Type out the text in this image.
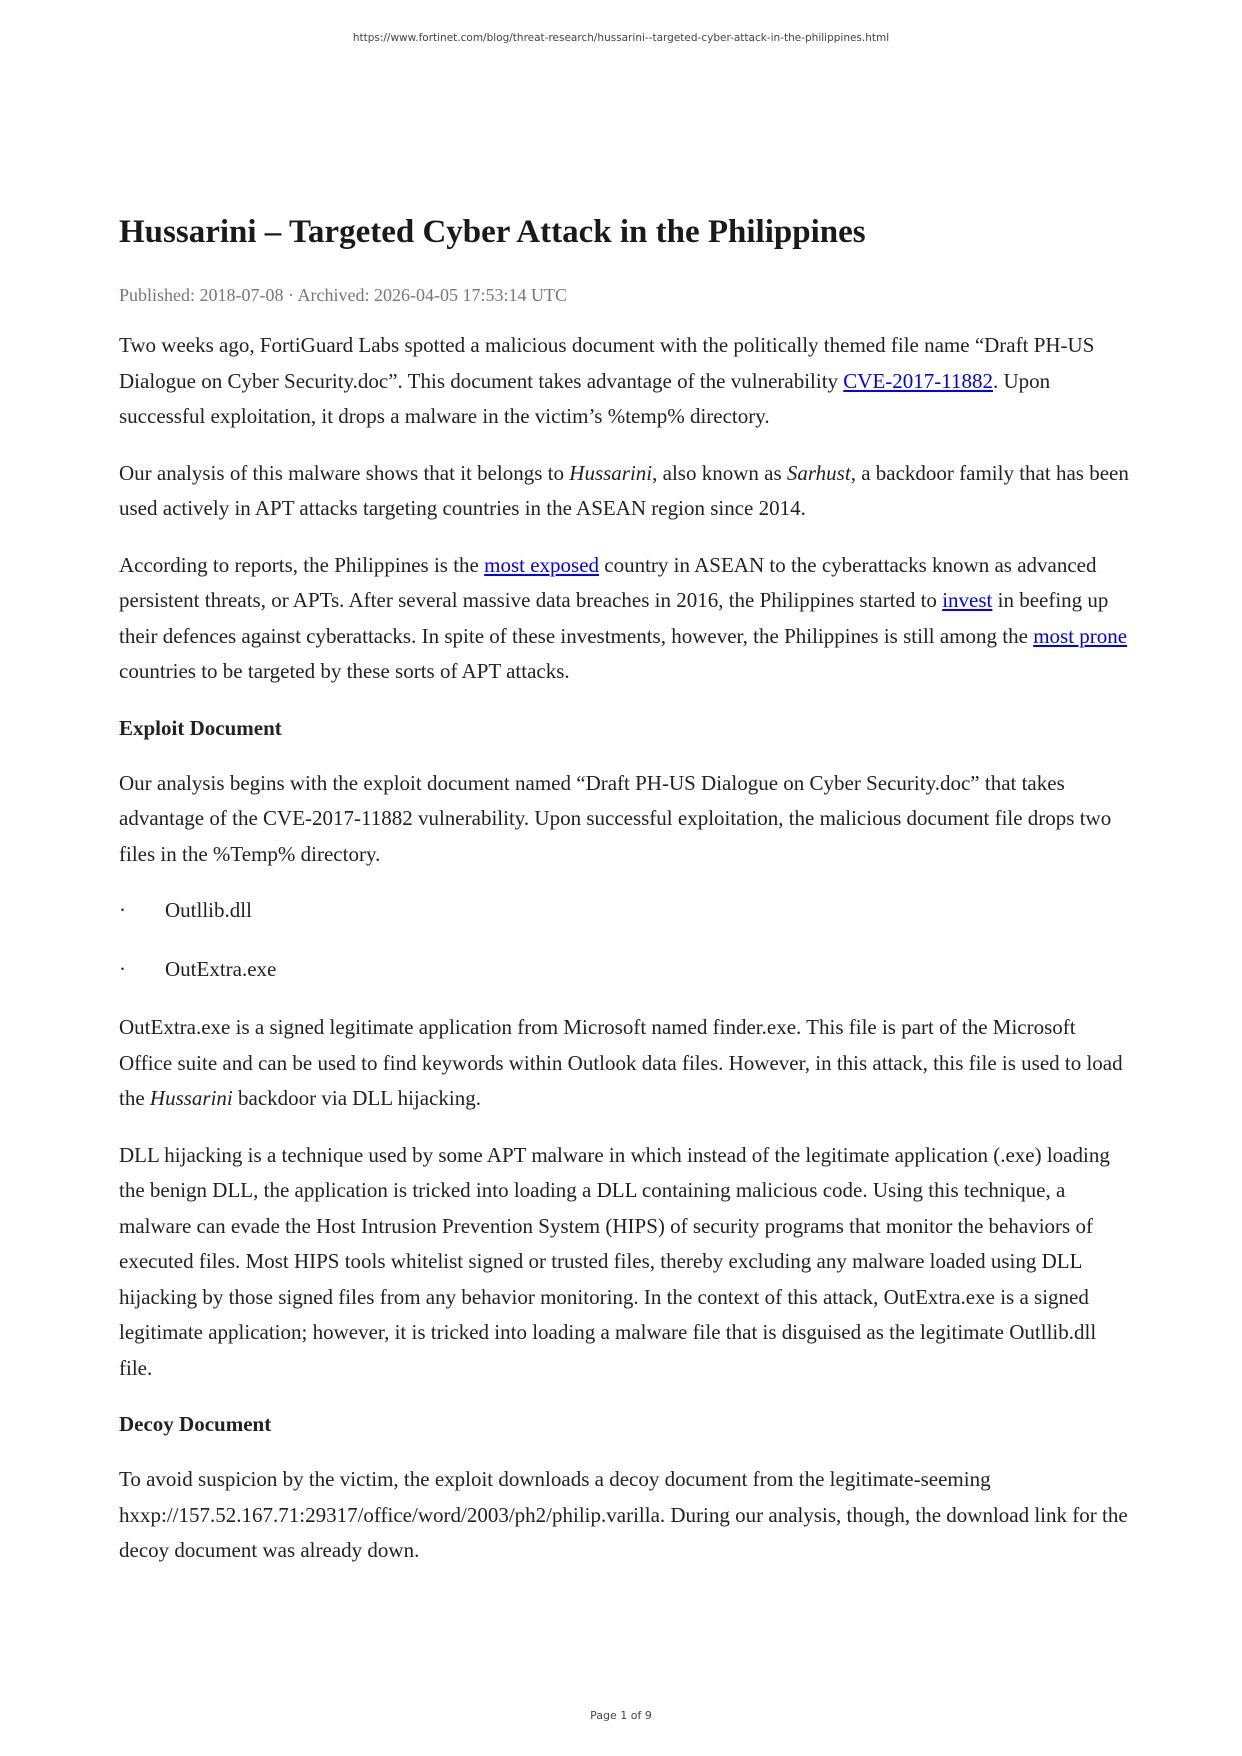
https://www.fortinet.com/blog/threat-research/hussarini--targeted-cyber-attack-in-the-philippines.html
Hussarini – Targeted Cyber Attack in the Philippines
Published: 2018-07-08 · Archived: 2026-04-05 17:53:14 UTC

Two weeks ago, FortiGuard Labs spotted a malicious document with the politically themed file name “Draft PH-US Dialogue on Cyber Security.doc”. This document takes advantage of the vulnerability CVE-2017-11882. Upon successful exploitation, it drops a malware in the victim’s %temp% directory.

Our analysis of this malware shows that it belongs to Hussarini, also known as Sarhust, a backdoor family that has been used actively in APT attacks targeting countries in the ASEAN region since 2014.

According to reports, the Philippines is the most exposed country in ASEAN to the cyberattacks known as advanced persistent threats, or APTs. After several massive data breaches in 2016, the Philippines started to invest in beefing up their defences against cyberattacks. In spite of these investments, however, the Philippines is still among the most prone countries to be targeted by these sorts of APT attacks.

Exploit Document

Our analysis begins with the exploit document named “Draft PH-US Dialogue on Cyber Security.doc” that takes advantage of the CVE-2017-11882 vulnerability. Upon successful exploitation, the malicious document file drops two files in the %Temp% directory.

·	Outllib.dll
·	OutExtra.exe

OutExtra.exe is a signed legitimate application from Microsoft named finder.exe. This file is part of the Microsoft Office suite and can be used to find keywords within Outlook data files. However, in this attack, this file is used to load the Hussarini backdoor via DLL hijacking.

DLL hijacking is a technique used by some APT malware in which instead of the legitimate application (.exe) loading the benign DLL, the application is tricked into loading a DLL containing malicious code. Using this technique, a malware can evade the Host Intrusion Prevention System (HIPS) of security programs that monitor the behaviors of executed files. Most HIPS tools whitelist signed or trusted files, thereby excluding any malware loaded using DLL hijacking by those signed files from any behavior monitoring. In the context of this attack, OutExtra.exe is a signed legitimate application; however, it is tricked into loading a malware file that is disguised as the legitimate Outllib.dll file.

Decoy Document

To avoid suspicion by the victim, the exploit downloads a decoy document from the legitimate-seeming hxxp://157.52.167.71:29317/office/word/2003/ph2/philip.varilla. During our analysis, though, the download link for the decoy document was already down.

Page 1 of 9
